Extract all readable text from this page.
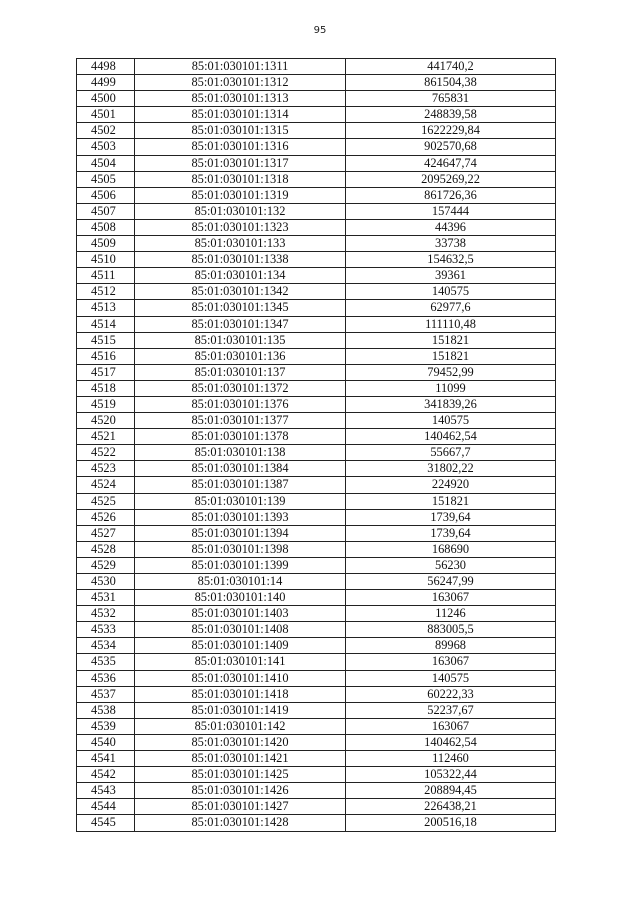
95
4498	85:01:030101:1311	441740,2
4499	85:01:030101:1312	861504,38
4500	85:01:030101:1313	765831
4501	85:01:030101:1314	248839,58
4502	85:01:030101:1315	1622229,84
4503	85:01:030101:1316	902570,68
4504	85:01:030101:1317	424647,74
4505	85:01:030101:1318	2095269,22
4506	85:01:030101:1319	861726,36
4507	85:01:030101:132	157444
4508	85:01:030101:1323	44396
4509	85:01:030101:133	33738
4510	85:01:030101:1338	154632,5
4511	85:01:030101:134	39361
4512	85:01:030101:1342	140575
4513	85:01:030101:1345	62977,6
4514	85:01:030101:1347	111110,48
4515	85:01:030101:135	151821
4516	85:01:030101:136	151821
4517	85:01:030101:137	79452,99
4518	85:01:030101:1372	11099
4519	85:01:030101:1376	341839,26
4520	85:01:030101:1377	140575
4521	85:01:030101:1378	140462,54
4522	85:01:030101:138	55667,7
4523	85:01:030101:1384	31802,22
4524	85:01:030101:1387	224920
4525	85:01:030101:139	151821
4526	85:01:030101:1393	1739,64
4527	85:01:030101:1394	1739,64
4528	85:01:030101:1398	168690
4529	85:01:030101:1399	56230
4530	85:01:030101:14	56247,99
4531	85:01:030101:140	163067
4532	85:01:030101:1403	11246
4533	85:01:030101:1408	883005,5
4534	85:01:030101:1409	89968
4535	85:01:030101:141	163067
4536	85:01:030101:1410	140575
4537	85:01:030101:1418	60222,33
4538	85:01:030101:1419	52237,67
4539	85:01:030101:142	163067
4540	85:01:030101:1420	140462,54
4541	85:01:030101:1421	112460
4542	85:01:030101:1425	105322,44
4543	85:01:030101:1426	208894,45
4544	85:01:030101:1427	226438,21
4545	85:01:030101:1428	200516,18
